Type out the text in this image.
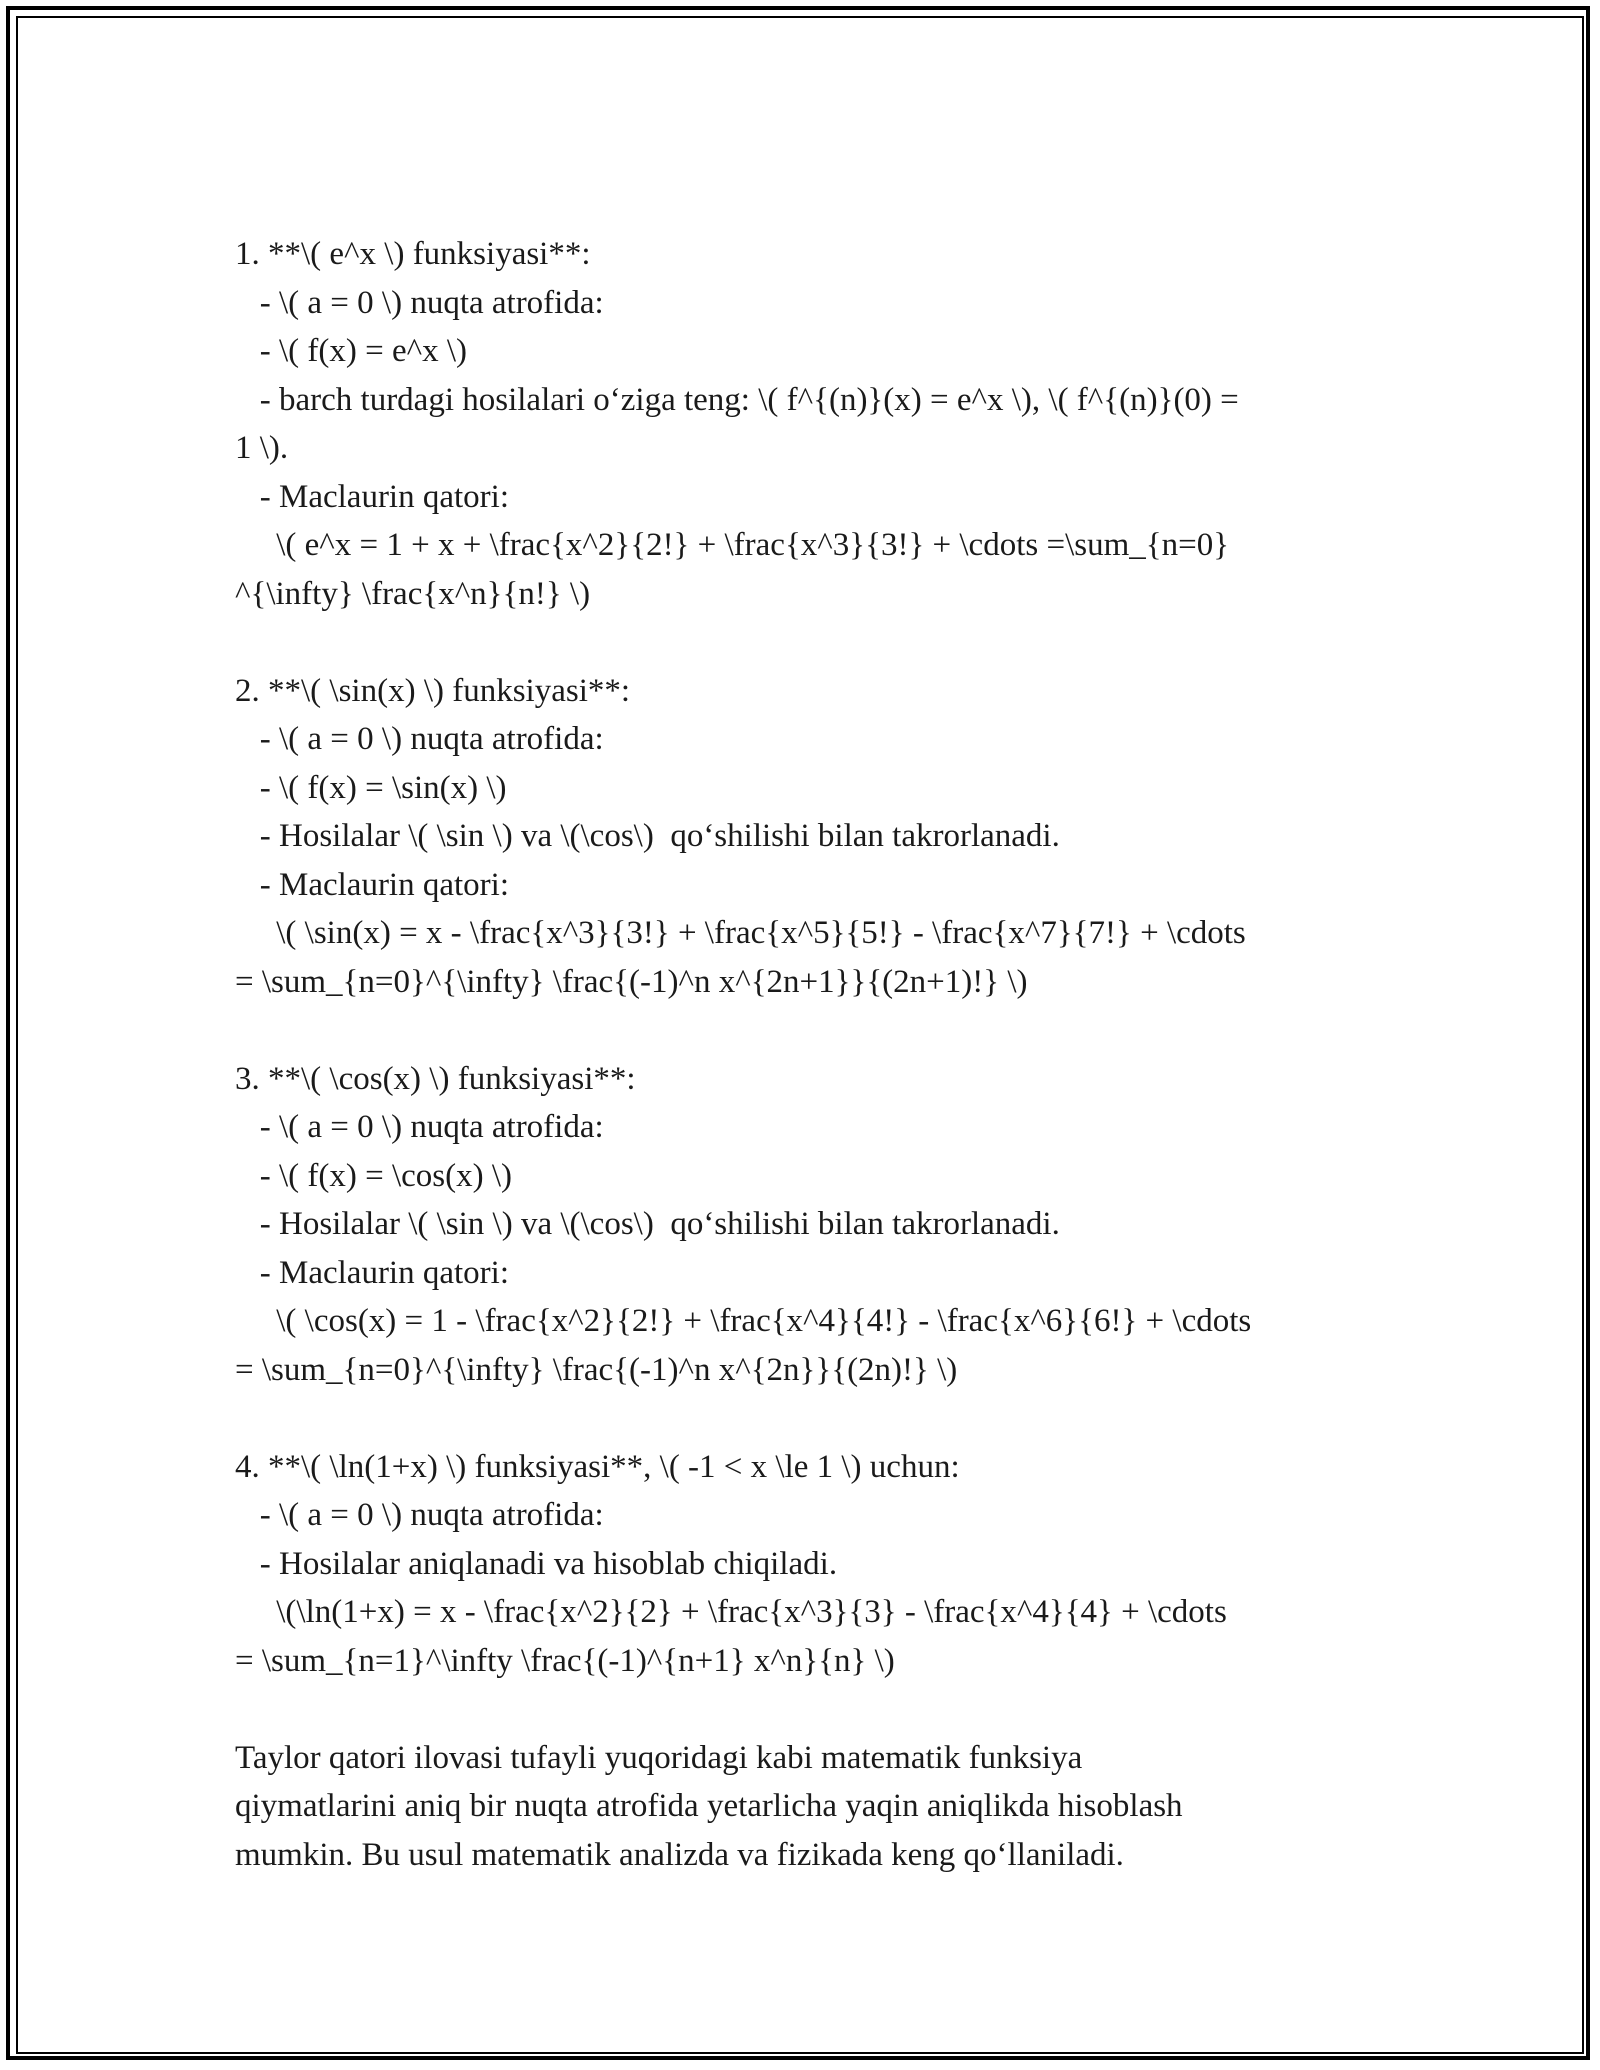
1. **\( e^x \) funksiyasi**:

- \( a = 0 \) nuqta atrofida:

- \( f(x) = e^x \)

- barch turdagi hosilalari o‘ziga teng: \( f^{(n)}(x) = e^x \), \( f^{(n)}(0) =

1 \).

- Maclaurin qatori:

\( e^x = 1 + x + \frac{x^2}{2!} + \frac{x^3}{3!} + \cdots =\sum_{n=0}

^{\infty} \frac{x^n}{n!} \)

2. **\( \sin(x) \) funksiyasi**:

- \( a = 0 \) nuqta atrofida:

- \( f(x) = \sin(x) \)

- Hosilalar \( \sin \) va \(\cos\)  qo‘shilishi bilan takrorlanadi.

- Maclaurin qatori:

\( \sin(x) = x - \frac{x^3}{3!} + \frac{x^5}{5!} - \frac{x^7}{7!} + \cdots

= \sum_{n=0}^{\infty} \frac{(-1)^n x^{2n+1}}{(2n+1)!} \)

3. **\( \cos(x) \) funksiyasi**:

- \( a = 0 \) nuqta atrofida:

- \( f(x) = \cos(x) \)

- Hosilalar \( \sin \) va \(\cos\)  qo‘shilishi bilan takrorlanadi.

- Maclaurin qatori:

\( \cos(x) = 1 - \frac{x^2}{2!} + \frac{x^4}{4!} - \frac{x^6}{6!} + \cdots

= \sum_{n=0}^{\infty} \frac{(-1)^n x^{2n}}{(2n)!} \)

4. **\( \ln(1+x) \) funksiyasi**, \( -1 < x \le 1 \) uchun:

- \( a = 0 \) nuqta atrofida:

- Hosilalar aniqlanadi va hisoblab chiqiladi.

\(\ln(1+x) = x - \frac{x^2}{2} + \frac{x^3}{3} - \frac{x^4}{4} + \cdots

= \sum_{n=1}^\infty \frac{(-1)^{n+1} x^n}{n} \)

Taylor qatori ilovasi tufayli yuqoridagi kabi matematik funksiya

qiymatlarini aniq bir nuqta atrofida yetarlicha yaqin aniqlikda hisoblash

mumkin. Bu usul matematik analizda va fizikada keng qo‘llaniladi.
